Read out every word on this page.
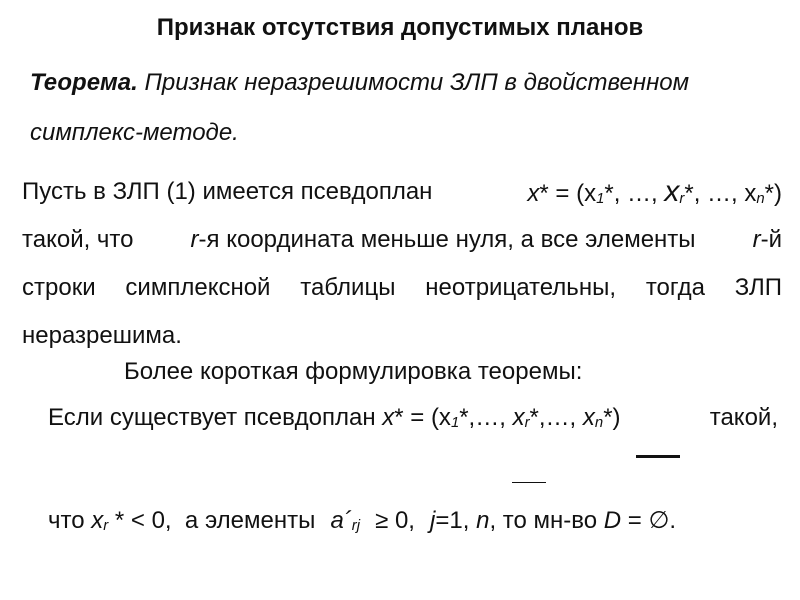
Признак отсутствия допустимых планов
Теорема. Признак неразрешимости ЗЛП в двойственном симплекс-методе.
Пусть в ЗЛП (1) имеется псевдоплан	$x* = (x_1*$, …, $x_r*$, …, $x_n*$)
такой, что r-я координата меньше нуля, а все элементы r-й
строки симплексной таблицы неотрицательны, тогда ЗЛП
неразрешима.
Более короткая формулировка теоремы:
Если существует псевдоплан $x* = (x_1*,\dots$, $x_r*,\dots$, $x_n*$)	такой,
что $x_r$ * < 0,  а элементы $a´_{rj} \ge 0$, j=1, n, то мн-во D = ∅.
